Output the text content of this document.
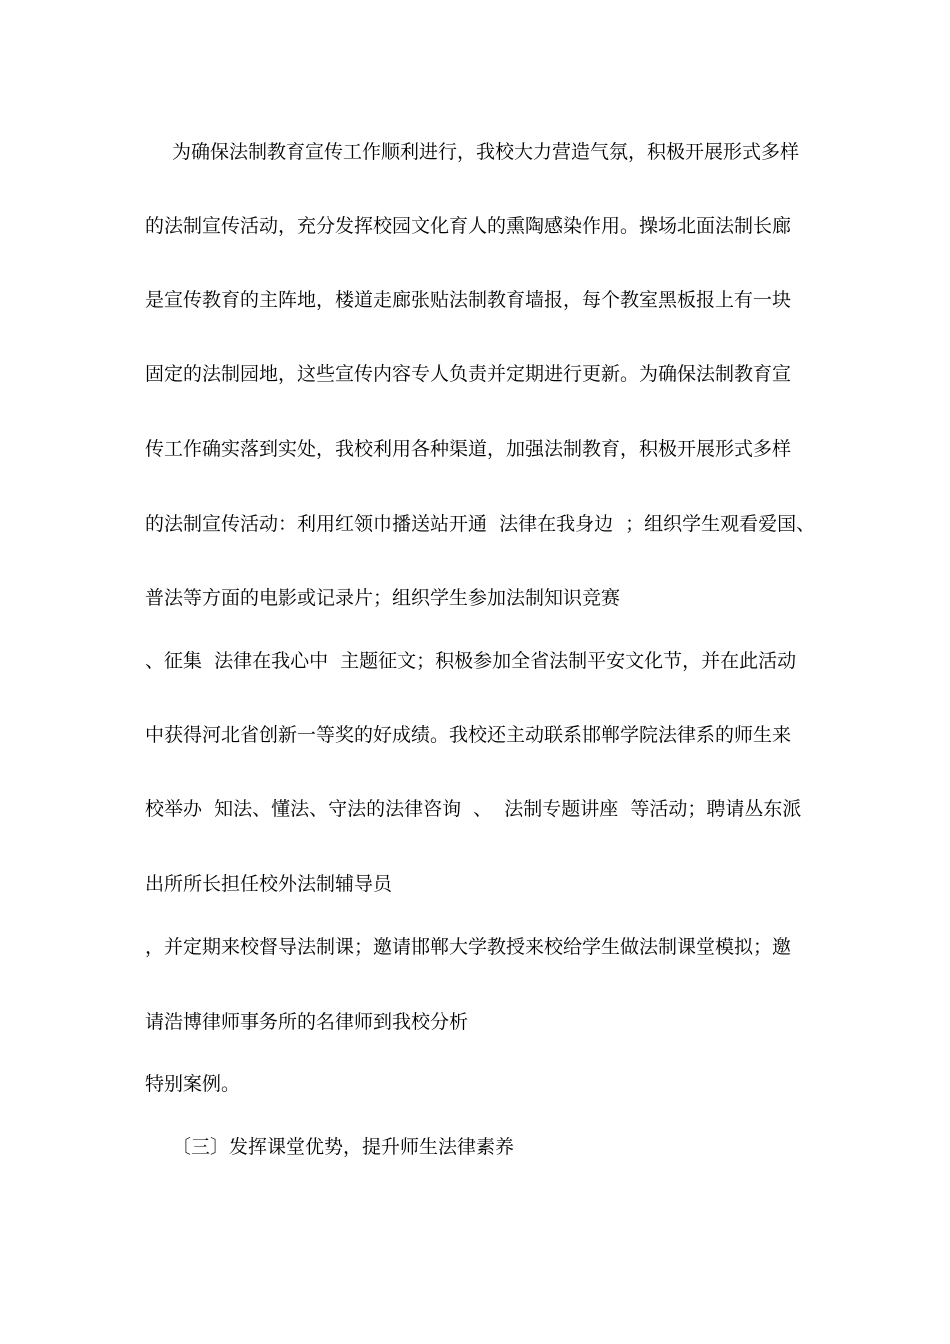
为确保法制教育宣传工作顺利进行，我校大力营造气氛，积极开展形式多样
的法制宣传活动，充分发挥校园文化育人的熏陶感染作用。操场北面法制长廊
是宣传教育的主阵地，楼道走廊张贴法制教育墙报，每个教室黑板报上有一块
固定的法制园地，这些宣传内容专人负责并定期进行更新。为确保法制教育宣
传工作确实落到实处，我校利用各种渠道，加强法制教育，积极开展形式多样
的法制宣传活动：利用红领巾播送站开通  法律在我身边  ；组织学生观看爱国、
普法等方面的电影或记录片；组织学生参加法制知识竞赛
、征集  法律在我心中  主题征文；积极参加全省法制平安文化节，并在此活动
中获得河北省创新一等奖的好成绩。我校还主动联系邯郸学院法律系的师生来
校举办  知法、懂法、守法的法律咨询  、  法制专题讲座  等活动；聘请丛东派
出所所长担任校外法制辅导员
，并定期来校督导法制课；邀请邯郸大学教授来校给学生做法制课堂模拟；邀
请浩博律师事务所的名律师到我校分析
特别案例。
〔三〕发挥课堂优势，提升师生法律素养
